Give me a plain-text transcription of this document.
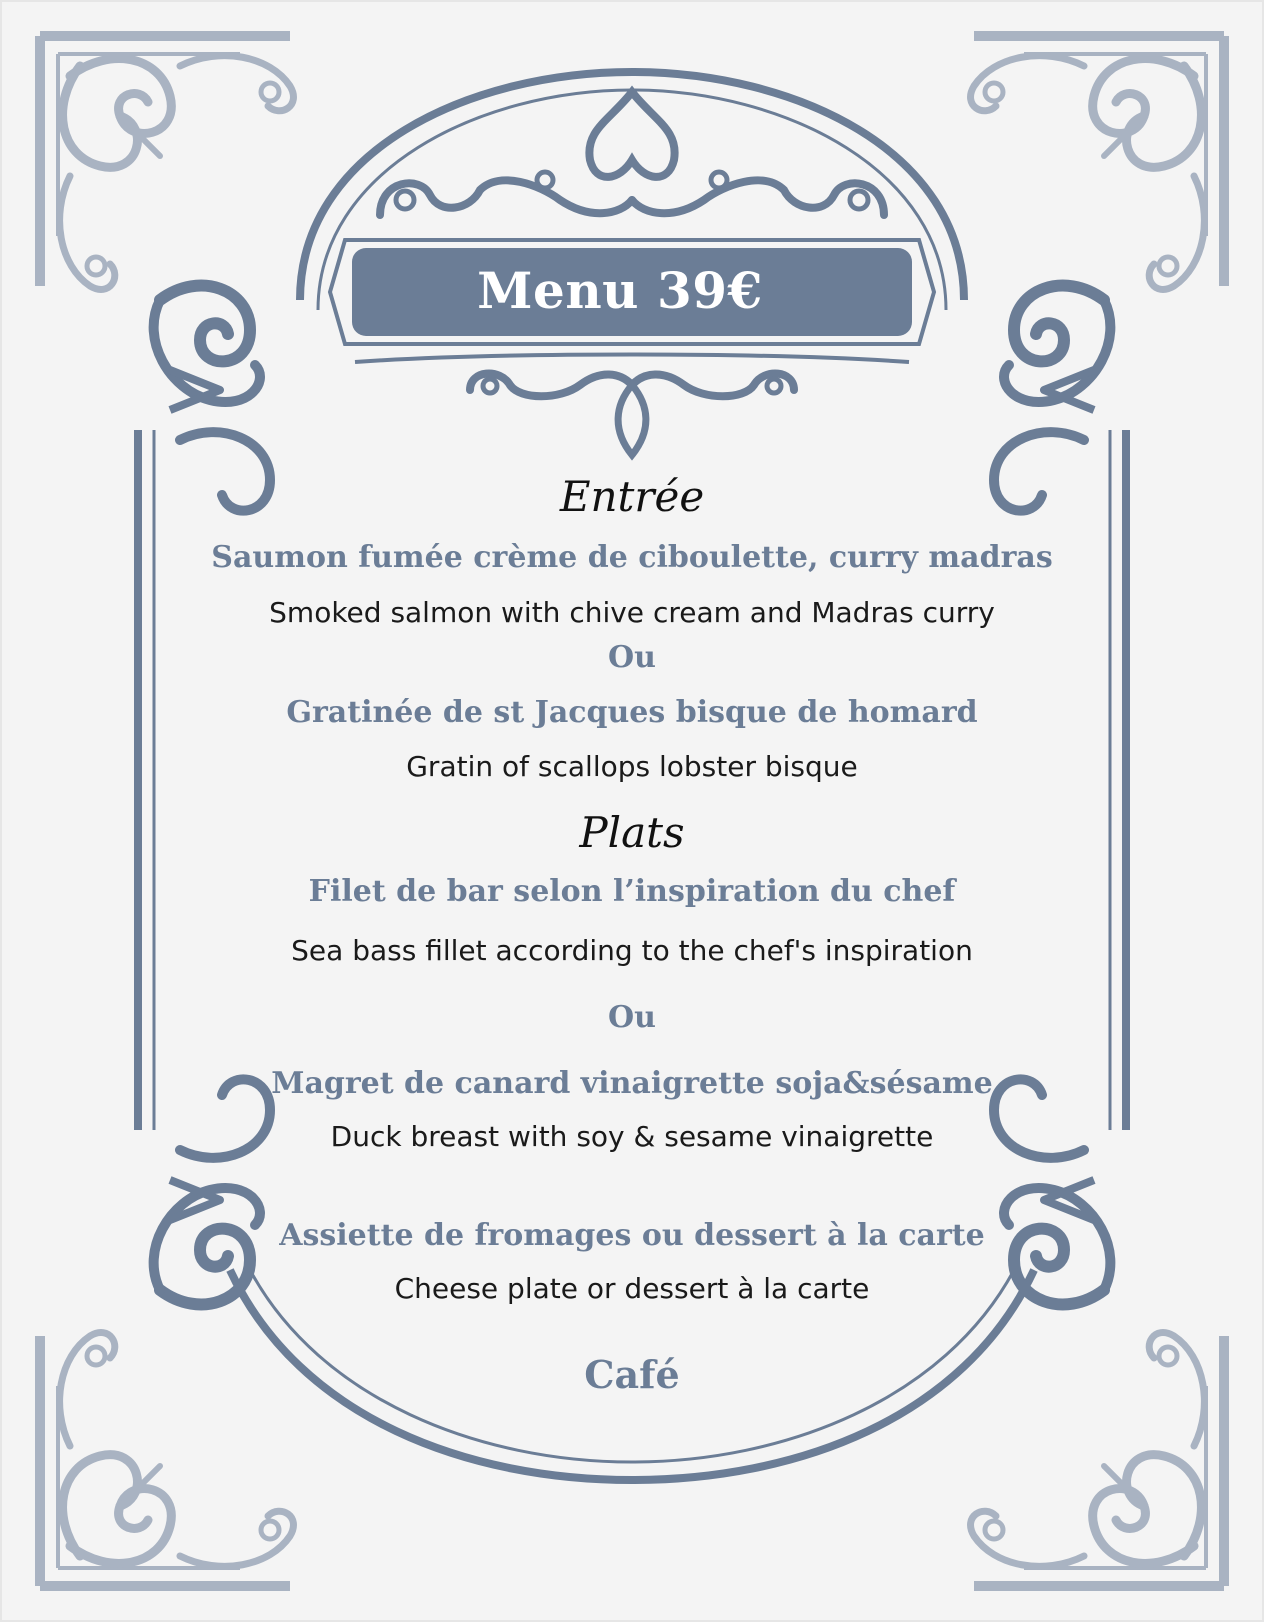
Menu 39€
Entrée
Saumon fumée crème de ciboulette, curry madras
Smoked salmon with chive cream and Madras curry
Ou
Gratinée de st Jacques bisque de homard
Gratin of scallops lobster bisque
Plats
Filet de bar selon l’inspiration du chef
Sea bass fillet according to the chef's inspiration
Ou
Magret de canard vinaigrette soja&sésame
Duck breast with soy & sesame vinaigrette
Assiette de fromages ou dessert à la carte
Cheese plate or dessert à la carte
Café
